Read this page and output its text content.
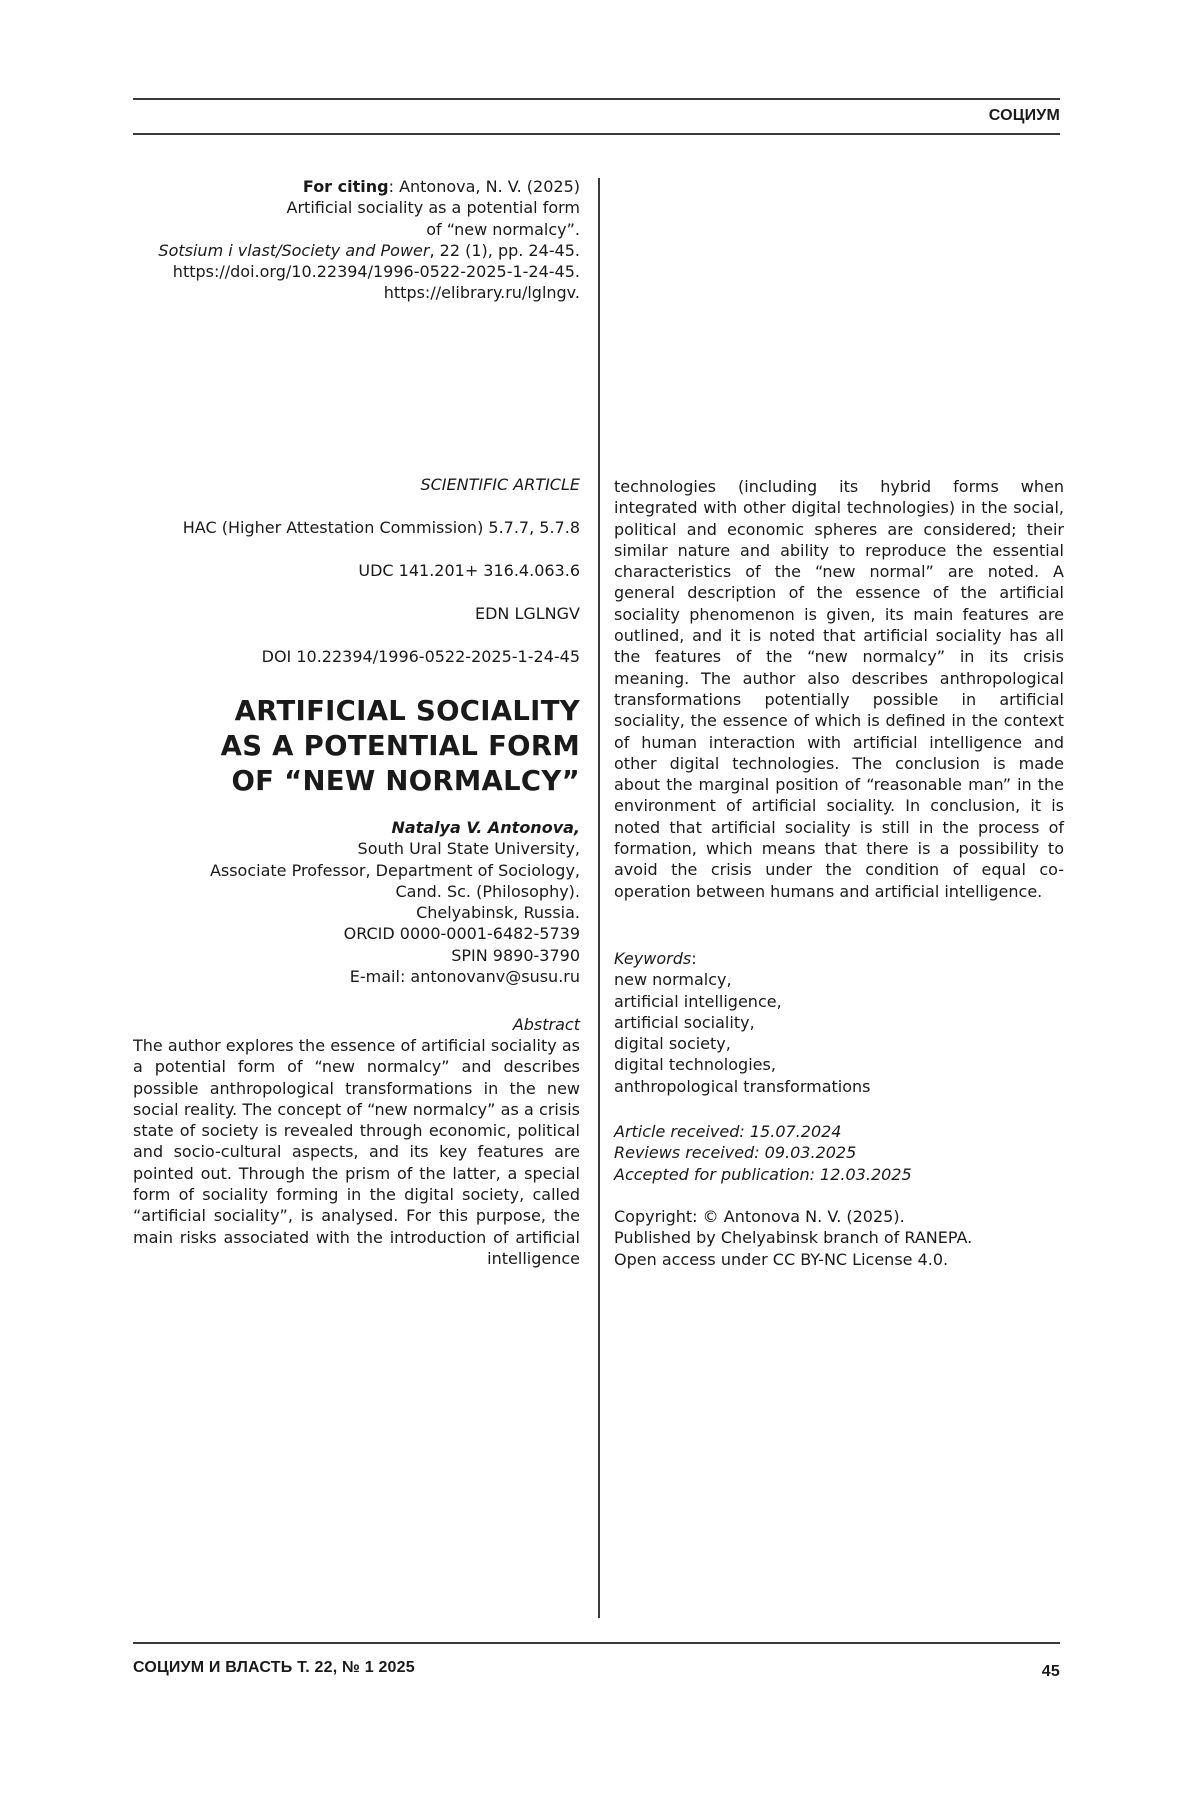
СОЦИУМ

For citing: Antonova, N. V. (2025)

Artificial sociality as a potential form

of “new normalcy”.

Sotsium i vlast/Society and Power, 22 (1), pp. 24-45.

https://doi.org/10.22394/1996-0522-2025-1-24-45.

https://elibrary.ru/lglngv.

SCIENTIFIC ARTICLE

HAC (Higher Attestation Commission) 5.7.7, 5.7.8

UDC 141.201+ 316.4.063.6

EDN LGLNGV

DOI 10.22394/1996-0522-2025-1-24-45

ARTIFICIAL SOCIALITY

AS A POTENTIAL FORM

OF “NEW NORMALCY”

Natalya V. Antonova,

South Ural State University,

Associate Professor, Department of Sociology,

Cand. Sc. (Philosophy).

Chelyabinsk, Russia.

ORCID 0000-0001-6482-5739

SPIN 9890-3790

E-mail: antonovanv@susu.ru

Abstract

The author explores the essence of artificial sociality as a potential form of “new normalcy” and describes possible anthropological transformations in the new social reality. The concept of “new normalcy” as a crisis state of society is revealed through economic, political and socio-cultural aspects, and its key features are pointed out. Through the prism of the latter, a special form of sociality forming in the digital society, called “artificial sociality”, is analysed. For this purpose, the main risks associated with the introduction of artificial intelligence

technologies (including its hybrid forms when integrated with other digital technologies) in the social, political and economic spheres are considered; their similar nature and ability to reproduce the essential characteristics of the “new normal” are noted. A general description of the essence of the artificial sociality phenomenon is given, its main features are outlined, and it is noted that artificial sociality has all the features of the “new normalcy” in its crisis meaning. The author also describes anthropological transformations potentially possible in artificial sociality, the essence of which is defined in the context of human interaction with artificial intelligence and other digital technologies. The conclusion is made about the marginal position of “reasonable man” in the environment of artificial sociality. In conclusion, it is noted that artificial sociality is still in the process of formation, which means that there is a possibility to avoid the crisis under the condition of equal co-operation between humans and artificial intelligence.

Keywords:

new normalcy,

artificial intelligence,

artificial sociality,

digital society,

digital technologies,

anthropological transformations

Article received: 15.07.2024

Reviews received: 09.03.2025

Accepted for publication: 12.03.2025

Copyright: © Antonova N. V. (2025).

Published by Chelyabinsk branch of RANEPA.

Open access under CC BY-NC License 4.0.

СОЦИУМ И ВЛАСТЬ Т. 22, № 1 2025	45
